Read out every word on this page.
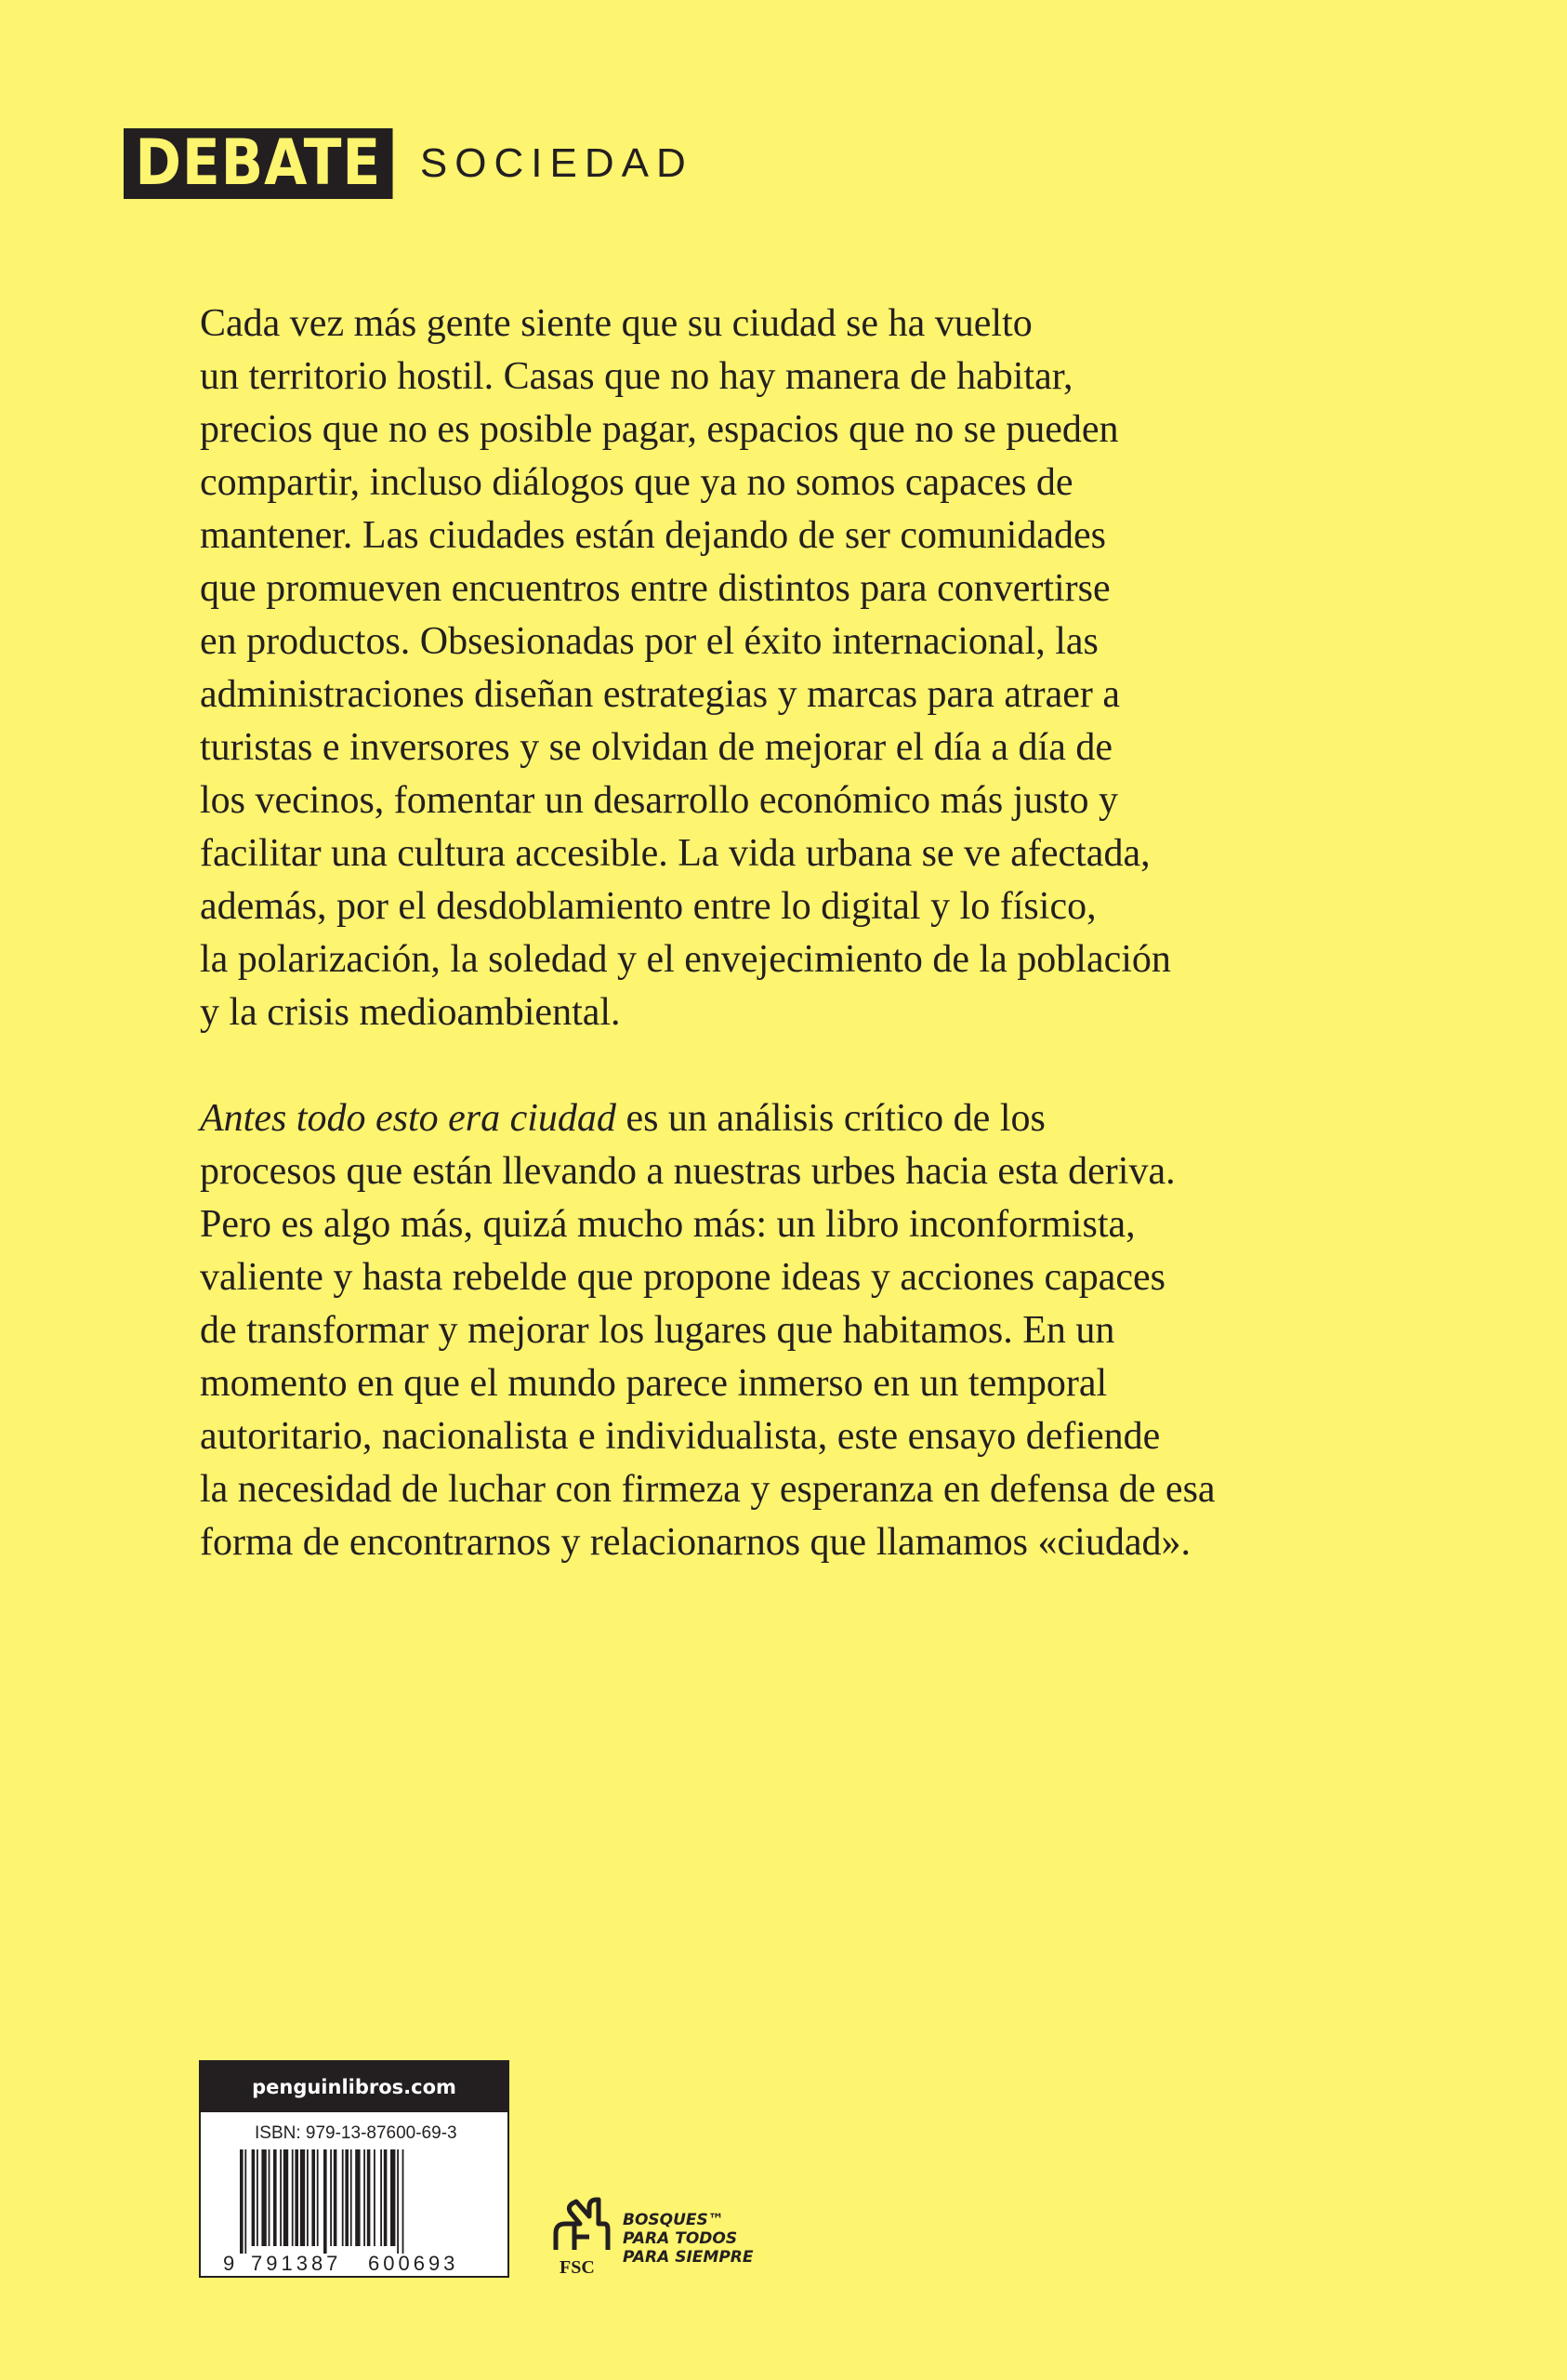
DEBATE SOCIEDAD

Cada vez más gente siente que su ciudad se ha vuelto
un territorio hostil. Casas que no hay manera de habitar,
precios que no es posible pagar, espacios que no se pueden
compartir, incluso diálogos que ya no somos capaces de
mantener. Las ciudades están dejando de ser comunidades
que promueven encuentros entre distintos para convertirse
en productos. Obsesionadas por el éxito internacional, las
administraciones diseñan estrategias y marcas para atraer a
turistas e inversores y se olvidan de mejorar el día a día de
los vecinos, fomentar un desarrollo económico más justo y
facilitar una cultura accesible. La vida urbana se ve afectada,
además, por el desdoblamiento entre lo digital y lo físico,
la polarización, la soledad y el envejecimiento de la población
y la crisis medioambiental.

Antes todo esto era ciudad es un análisis crítico de los
procesos que están llevando a nuestras urbes hacia esta deriva.
Pero es algo más, quizá mucho más: un libro inconformista,
valiente y hasta rebelde que propone ideas y acciones capaces
de transformar y mejorar los lugares que habitamos. En un
momento en que el mundo parece inmerso en un temporal
autoritario, nacionalista e individualista, este ensayo defiende
la necesidad de luchar con firmeza y esperanza en defensa de esa
forma de encontrarnos y relacionarnos que llamamos «ciudad».

penguinlibros.com
ISBN: 979-13-87600-69-3
9 791387 600693	FSC
BOSQUES™
PARA TODOS
PARA SIEMPRE
